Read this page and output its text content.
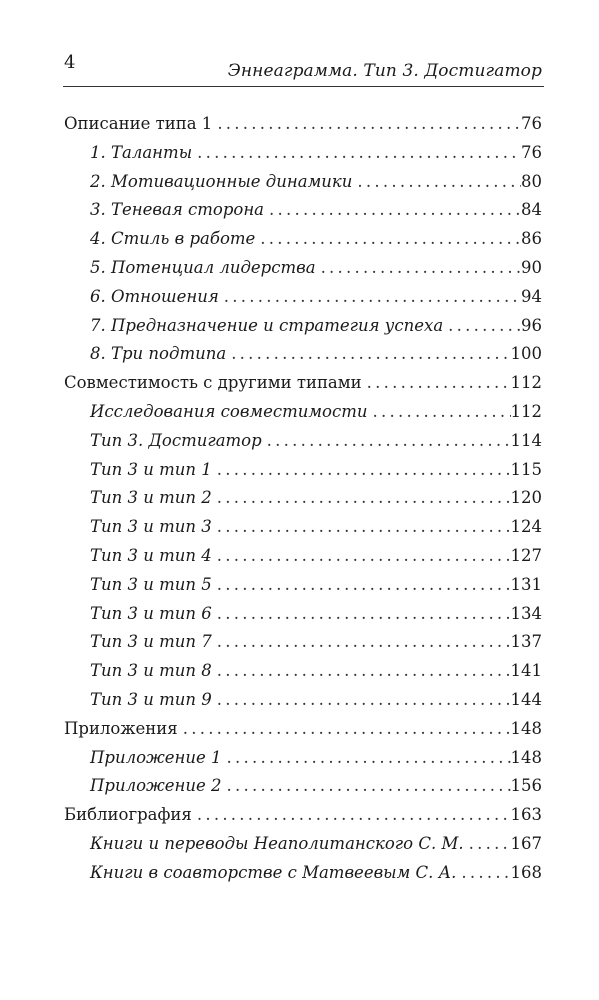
4	Эннеаграмма. Тип 3. Достигатор
Описание типа 1 . . .	76
1. Таланты . . .	76
2. Мотивационные динамики . . .	80
3. Теневая сторона . . .	84
4. Стиль в работе . . .	86
5. Потенциал лидерства . . .	90
6. Отношения . . .	94
7. Предназначение и стратегия успеха . . .	96
8. Три подтипа . . .	100
Совместимость с другими типами . . .	112
Исследования совместимости . . .	112
Тип 3. Достигатор . . .	114
Тип 3 и тип 1 . . .	115
Тип 3 и тип 2 . . .	120
Тип 3 и тип 3 . . .	124
Тип 3 и тип 4 . . .	127
Тип 3 и тип 5 . . .	131
Тип 3 и тип 6 . . .	134
Тип 3 и тип 7 . . .	137
Тип 3 и тип 8 . . .	141
Тип 3 и тип 9 . . .	144
Приложения . . .	148
Приложение 1 . . .	148
Приложение 2 . . .	156
Библиография . . .	163
Книги и переводы Неаполитанского С. М. . . .	167
Книги в соавторстве с Матвеевым С. А. . . .	168
